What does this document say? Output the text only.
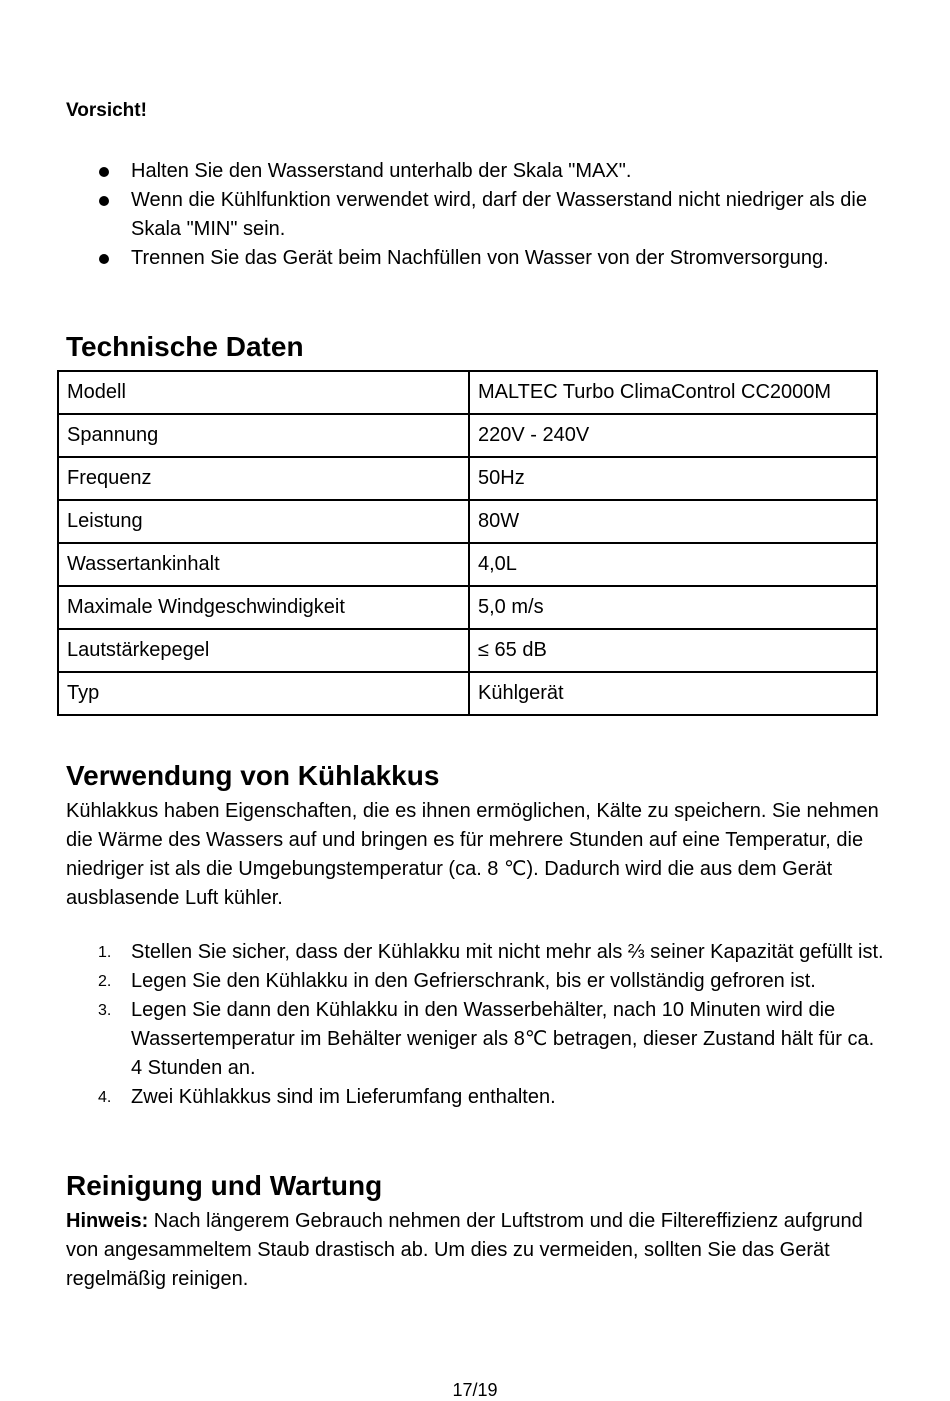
Vorsicht!
Halten Sie den Wasserstand unterhalb der Skala "MAX".
Wenn die Kühlfunktion verwendet wird, darf der Wasserstand nicht niedriger als die Skala "MIN" sein.
Trennen Sie das Gerät beim Nachfüllen von Wasser von der Stromversorgung.
Technische Daten
Modell	MALTEC Turbo ClimaControl CC2000M
Spannung	220V - 240V
Frequenz	50Hz
Leistung	80W
Wassertankinhalt	4,0L
Maximale Windgeschwindigkeit	5,0 m/s
Lautstärkepegel	≤ 65 dB
Typ	Kühlgerät
Verwendung von Kühlakkus

Kühlakkus haben Eigenschaften, die es ihnen ermöglichen, Kälte zu speichern. Sie nehmen die Wärme des Wassers auf und bringen es für mehrere Stunden auf eine Temperatur, die niedriger ist als die Umgebungstemperatur (ca. 8 ℃). Dadurch wird die aus dem Gerät ausblasende Luft kühler.

1. Stellen Sie sicher, dass der Kühlakku mit nicht mehr als ⅔ seiner Kapazität gefüllt ist.
2. Legen Sie den Kühlakku in den Gefrierschrank, bis er vollständig gefroren ist.
3. Legen Sie dann den Kühlakku in den Wasserbehälter, nach 10 Minuten wird die Wassertemperatur im Behälter weniger als 8℃ betragen, dieser Zustand hält für ca. 4 Stunden an.
4. Zwei Kühlakkus sind im Lieferumfang enthalten.
Reinigung und Wartung

Hinweis: Nach längerem Gebrauch nehmen der Luftstrom und die Filtereffizienz aufgrund von angesammeltem Staub drastisch ab. Um dies zu vermeiden, sollten Sie das Gerät regelmäßig reinigen.

17/19
